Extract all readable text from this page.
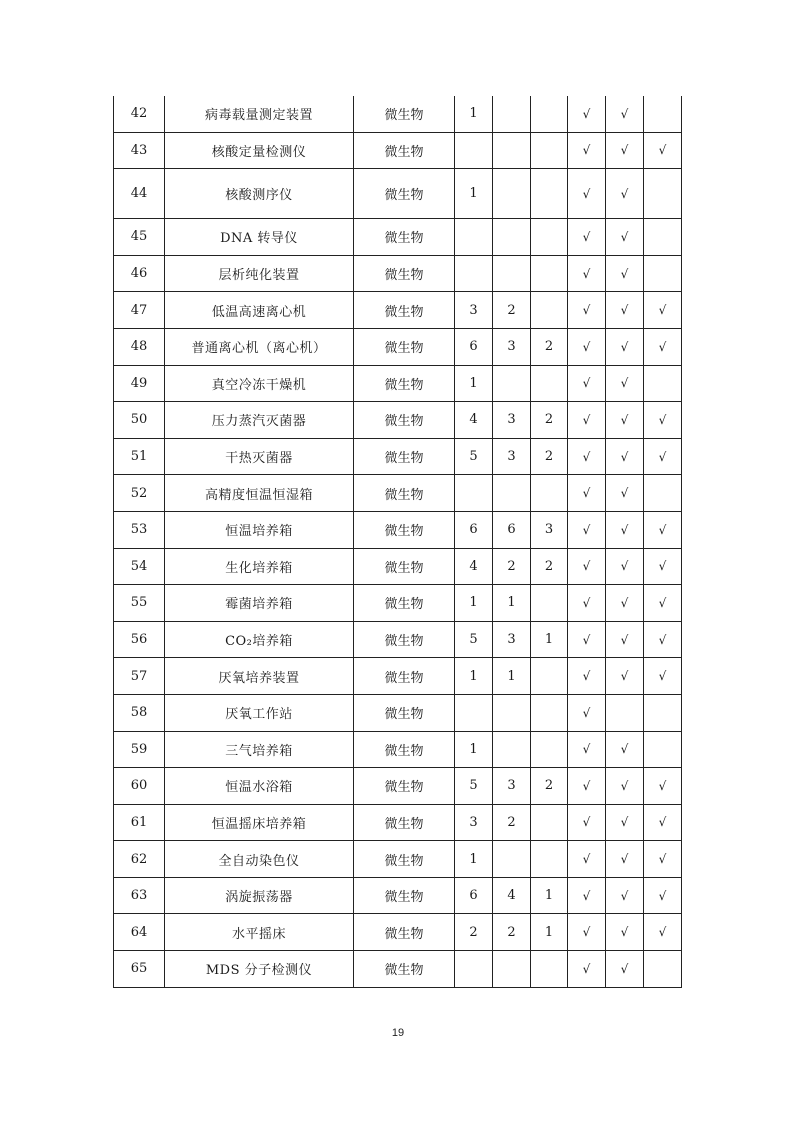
42	病毒载量测定装置	微生物	1			√	√	
43	核酸定量检测仪	微生物				√	√	√
44	核酸测序仪	微生物	1			√	√	
45	DNA 转导仪	微生物				√	√	
46	层析纯化装置	微生物				√	√	
47	低温高速离心机	微生物	3	2		√	√	√
48	普通离心机（离心机）	微生物	6	3	2	√	√	√
49	真空冷冻干燥机	微生物	1			√	√	
50	压力蒸汽灭菌器	微生物	4	3	2	√	√	√
51	干热灭菌器	微生物	5	3	2	√	√	√
52	高精度恒温恒湿箱	微生物				√	√	
53	恒温培养箱	微生物	6	6	3	√	√	√
54	生化培养箱	微生物	4	2	2	√	√	√
55	霉菌培养箱	微生物	1	1		√	√	√
56	CO₂培养箱	微生物	5	3	1	√	√	√
57	厌氧培养装置	微生物	1	1		√	√	√
58	厌氧工作站	微生物				√		
59	三气培养箱	微生物	1			√	√	
60	恒温水浴箱	微生物	5	3	2	√	√	√
61	恒温摇床培养箱	微生物	3	2		√	√	√
62	全自动染色仪	微生物	1			√	√	√
63	涡旋振荡器	微生物	6	4	1	√	√	√
64	水平摇床	微生物	2	2	1	√	√	√
65	MDS 分子检测仪	微生物				√	√	
19
